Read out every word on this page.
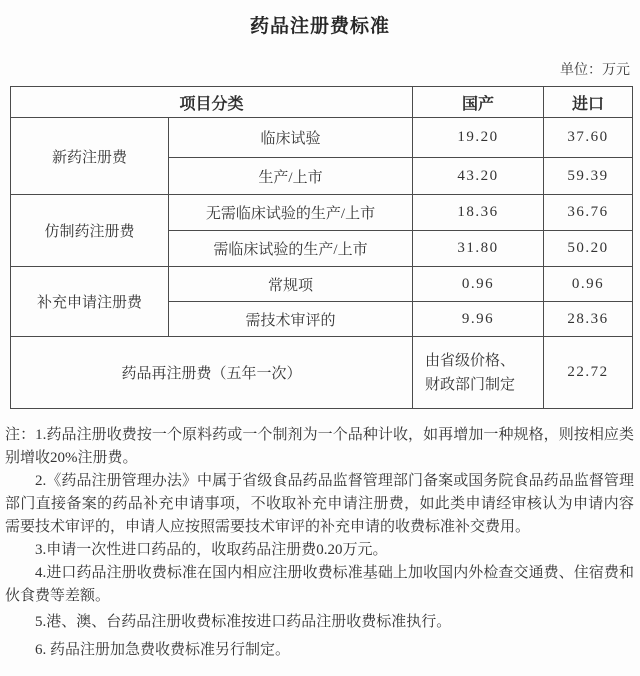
药品注册费标准
单位：万元
项目分类		国产	进口
新药注册费	临床试验	19.20	37.60
	生产/上市	43.20	59.39
仿制药注册费	无需临床试验的生产/上市	18.36	36.76
	需临床试验的生产/上市	31.80	50.20
补充申请注册费	常规项	0.96	0.96
	需技术审评的	9.96	28.36
药品再注册费（五年一次）		由省级价格、财政部门制定	22.72

注：1.药品注册收费按一个原料药或一个制剂为一个品种计收，如再增加一种规格，则按相应类别增收20%注册费。

2.《药品注册管理办法》中属于省级食品药品监督管理部门备案或国务院食品药品监督管理部门直接备案的药品补充申请事项，不收取补充申请注册费，如此类申请经审核认为申请内容需要技术审评的，申请人应按照需要技术审评的补充申请的收费标准补交费用。

3.申请一次性进口药品的，收取药品注册费0.20万元。

4.进口药品注册收费标准在国内相应注册收费标准基础上加收国内外检查交通费、住宿费和伙食费等差额。

5.港、澳、台药品注册收费标准按进口药品注册收费标准执行。

6. 药品注册加急费收费标准另行制定。
